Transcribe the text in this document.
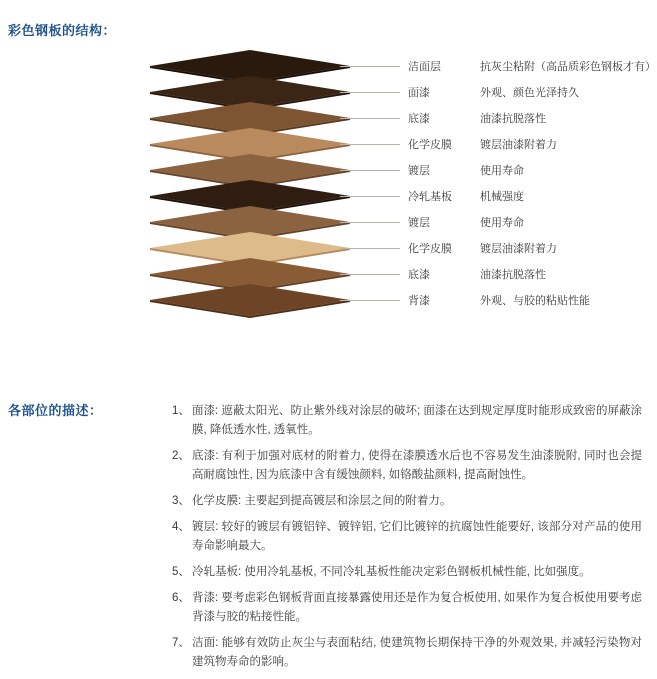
彩色钢板的结构：
洁面层	抗灰尘粘附（高品质彩色钢板才有）
面漆	外观、颜色光泽持久
底漆	油漆抗脱落性
化学皮膜	镀层油漆附着力
镀层	使用寿命
冷轧基板	机械强度
镀层	使用寿命
化学皮膜	镀层油漆附着力
底漆	油漆抗脱落性
背漆	外观、与胶的粘贴性能
1、 面漆: 遮蔽太阳光、防止紫外线对涂层的破坏; 面漆在达到规定厚度时能形成致密的屏蔽涂膜, 降低透水性, 透氧性。
2、 底漆: 有利于加强对底材的附着力, 使得在漆膜透水后也不容易发生油漆脱附, 同时也会提高耐腐蚀性, 因为底漆中含有缓蚀颜料, 如铬酸盐颜料, 提高耐蚀性。
3、 化学皮膜: 主要起到提高镀层和涂层之间的附着力。
4、 镀层: 较好的镀层有镀铝锌、镀锌铝, 它们比镀锌的抗腐蚀性能要好, 该部分对产品的使用寿命影响最大。
5、 冷轧基板: 使用冷轧基板, 不同冷轧基板性能决定彩色钢板机械性能, 比如强度。
6、 背漆: 要考虑彩色钢板背面直接暴露使用还是作为复合板使用, 如果作为复合板使用要考虑背漆与胶的粘接性能。
7、 洁面: 能够有效防止灰尘与表面粘结, 使建筑物长期保持干净的外观效果, 并减轻污染物对建筑物寿命的影响。
各部位的描述：
